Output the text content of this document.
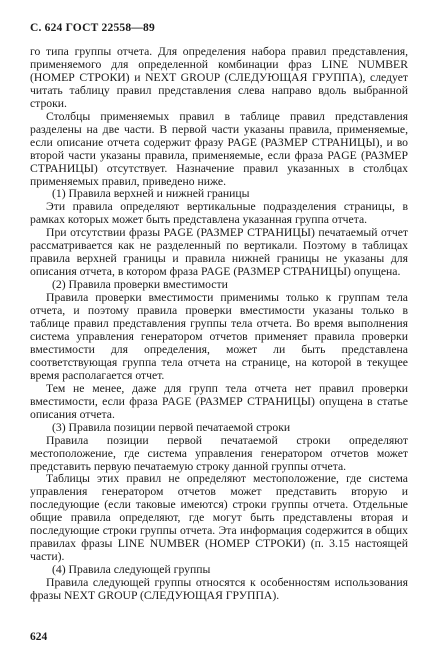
С. 624 ГОСТ 22558—89

го типа группы отчета. Для определения набора правил представления, применяемого для определенной комбинации фраз LINE NUMBER (НОМЕР СТРОКИ) и NEXT GROUP (СЛЕДУЮЩАЯ ГРУППА), следует читать таблицу правил представления слева направо вдоль выбранной строки.

Столбцы применяемых правил в таблице правил представления разделены на две части. В первой части указаны правила, применяемые, если описание отчета содержит фразу PAGE (РАЗМЕР СТРАНИЦЫ), и во второй части указаны правила, применяемые, если фраза PAGE (РАЗМЕР СТРАНИЦЫ) отсутствует. Назначение правил указанных в столбцах применяемых правил, приведено ниже.

(1) Правила верхней и нижней границы

Эти правила определяют вертикальные подразделения страницы, в рамках которых может быть представлена указанная группа отчета.

При отсутствии фразы PAGE (РАЗМЕР СТРАНИЦЫ) печатаемый отчет рассматривается как не разделенный по вертикали. Поэтому в таблицах правила верхней границы и правила нижней границы не указаны для описания отчета, в котором фраза PAGE (РАЗМЕР СТРАНИЦЫ) опущена.

(2) Правила проверки вместимости

Правила проверки вместимости применимы только к группам тела отчета, и поэтому правила проверки вместимости указаны только в таблице правил представления группы тела отчета. Во время выполнения система управления генератором отчетов применяет правила проверки вместимости для определения, может ли быть представлена соответствующая группа тела отчета на странице, на которой в текущее время располагается отчет.

Тем не менее, даже для групп тела отчета нет правил проверки вместимости, если фраза PAGE (РАЗМЕР СТРАНИЦЫ) опущена в статье описания отчета.

(3) Правила позиции первой печатаемой строки

Правила позиции первой печатаемой строки определяют местоположение, где система управления генератором отчетов может представить первую печатаемую строку данной группы отчета.

Таблицы этих правил не определяют местоположение, где система управления генератором отчетов может представить вторую и последующие (если таковые имеются) строки группы отчета. Отдельные общие правила определяют, где могут быть представлены вторая и последующие строки группы отчета. Эта информация содержится в общих правилах фразы LINE NUMBER (НОМЕР СТРОКИ) (п. 3.15 настоящей части).

(4) Правила следующей группы

Правила следующей группы относятся к особенностям использования фразы NEXT GROUP (СЛЕДУЮЩАЯ ГРУППА).

624
